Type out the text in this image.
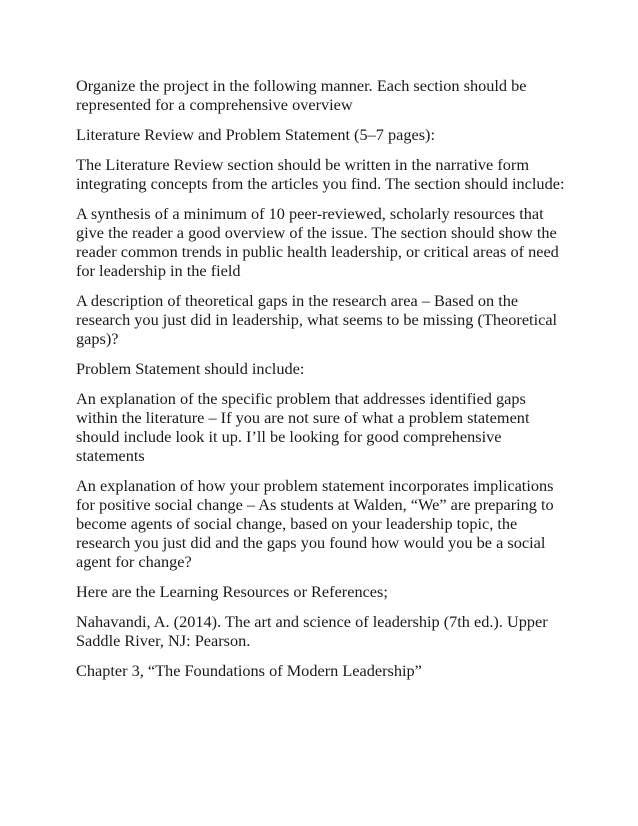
Organize the project in the following manner. Each section should be represented for a comprehensive overview

Literature Review and Problem Statement (5–7 pages):

The Literature Review section should be written in the narrative form integrating concepts from the articles you find. The section should include:

A synthesis of a minimum of 10 peer-reviewed, scholarly resources that give the reader a good overview of the issue. The section should show the reader common trends in public health leadership, or critical areas of need for leadership in the field

A description of theoretical gaps in the research area – Based on the research you just did in leadership, what seems to be missing (Theoretical gaps)?

Problem Statement should include:

An explanation of the specific problem that addresses identified gaps within the literature – If you are not sure of what a problem statement should include look it up. I’ll be looking for good comprehensive statements

An explanation of how your problem statement incorporates implications for positive social change – As students at Walden, “We” are preparing to become agents of social change, based on your leadership topic, the research you just did and the gaps you found how would you be a social agent for change?

Here are the Learning Resources or References;

Nahavandi, A. (2014). The art and science of leadership (7th ed.). Upper Saddle River, NJ: Pearson.

Chapter 3, “The Foundations of Modern Leadership”
